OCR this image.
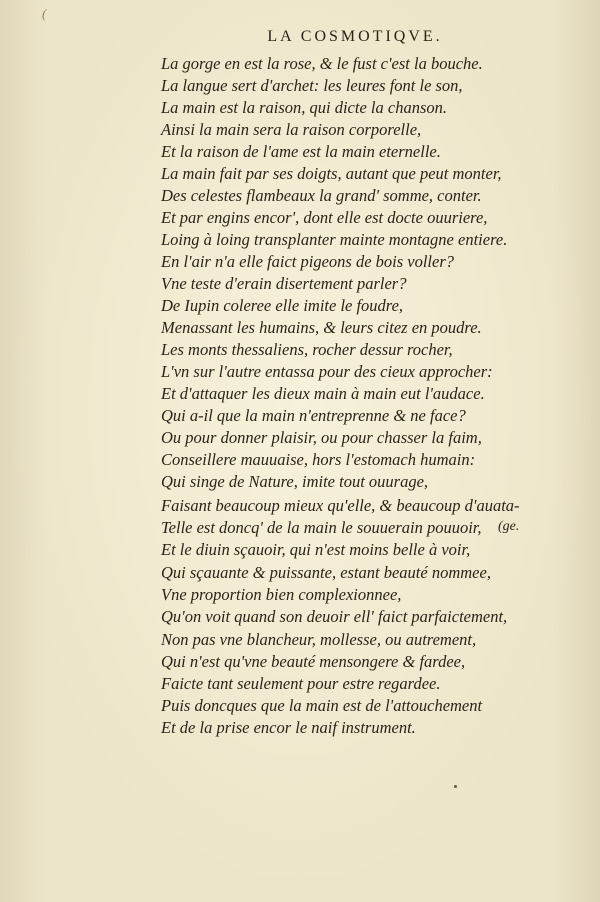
(
LA COSMOTIQVE.
La gorge en est la rose, & le fust c'est la bouche.
La langue sert d'archet: les leures font le son,
La main est la raison, qui dicte la chanson.
Ainsi la main sera la raison corporelle,
Et la raison de l'ame est la main eternelle.
La main fait par ses doigts, autant que peut monter,
Des celestes flambeaux la grand' somme, conter.
Et par engins encor', dont elle est docte ouuriere,
Loing à loing transplanter mainte montagne entiere.
En l'air n'a elle faict pigeons de bois voller?
Vne teste d'erain disertement parler?
De Iupin coleree elle imite le foudre,
Menassant les humains, & leurs citez en poudre.
Les monts thessaliens, rocher dessur rocher,
L'vn sur l'autre entassa pour des cieux approcher:
Et d'attaquer les dieux main à main eut l'audace.
Qui a-il que la main n'entreprenne & ne face?
Ou pour donner plaisir, ou pour chasser la faim,
Conseillere mauuaise, hors l'estomach humain:
Qui singe de Nature, imite tout ouurage,
Faisant beaucoup mieux qu'elle, & beaucoup d'auata-
Telle est doncq' de la main le souuerain pouuoir,
Et le diuin sçauoir, qui n'est moins belle à voir,
Qui sçauante & puissante, estant beauté nommee,
Vne proportion bien complexionnee,
Qu'on voit quand son deuoir ell' faict parfaictement,
Non pas vne blancheur, mollesse, ou autrement,
Qui n'est qu'vne beauté mensongere & fardee,
Faicte tant seulement pour estre regardee.
Puis doncques que la main est de l'attouchement
Et de la prise encor le naif instrument.
(ge.
